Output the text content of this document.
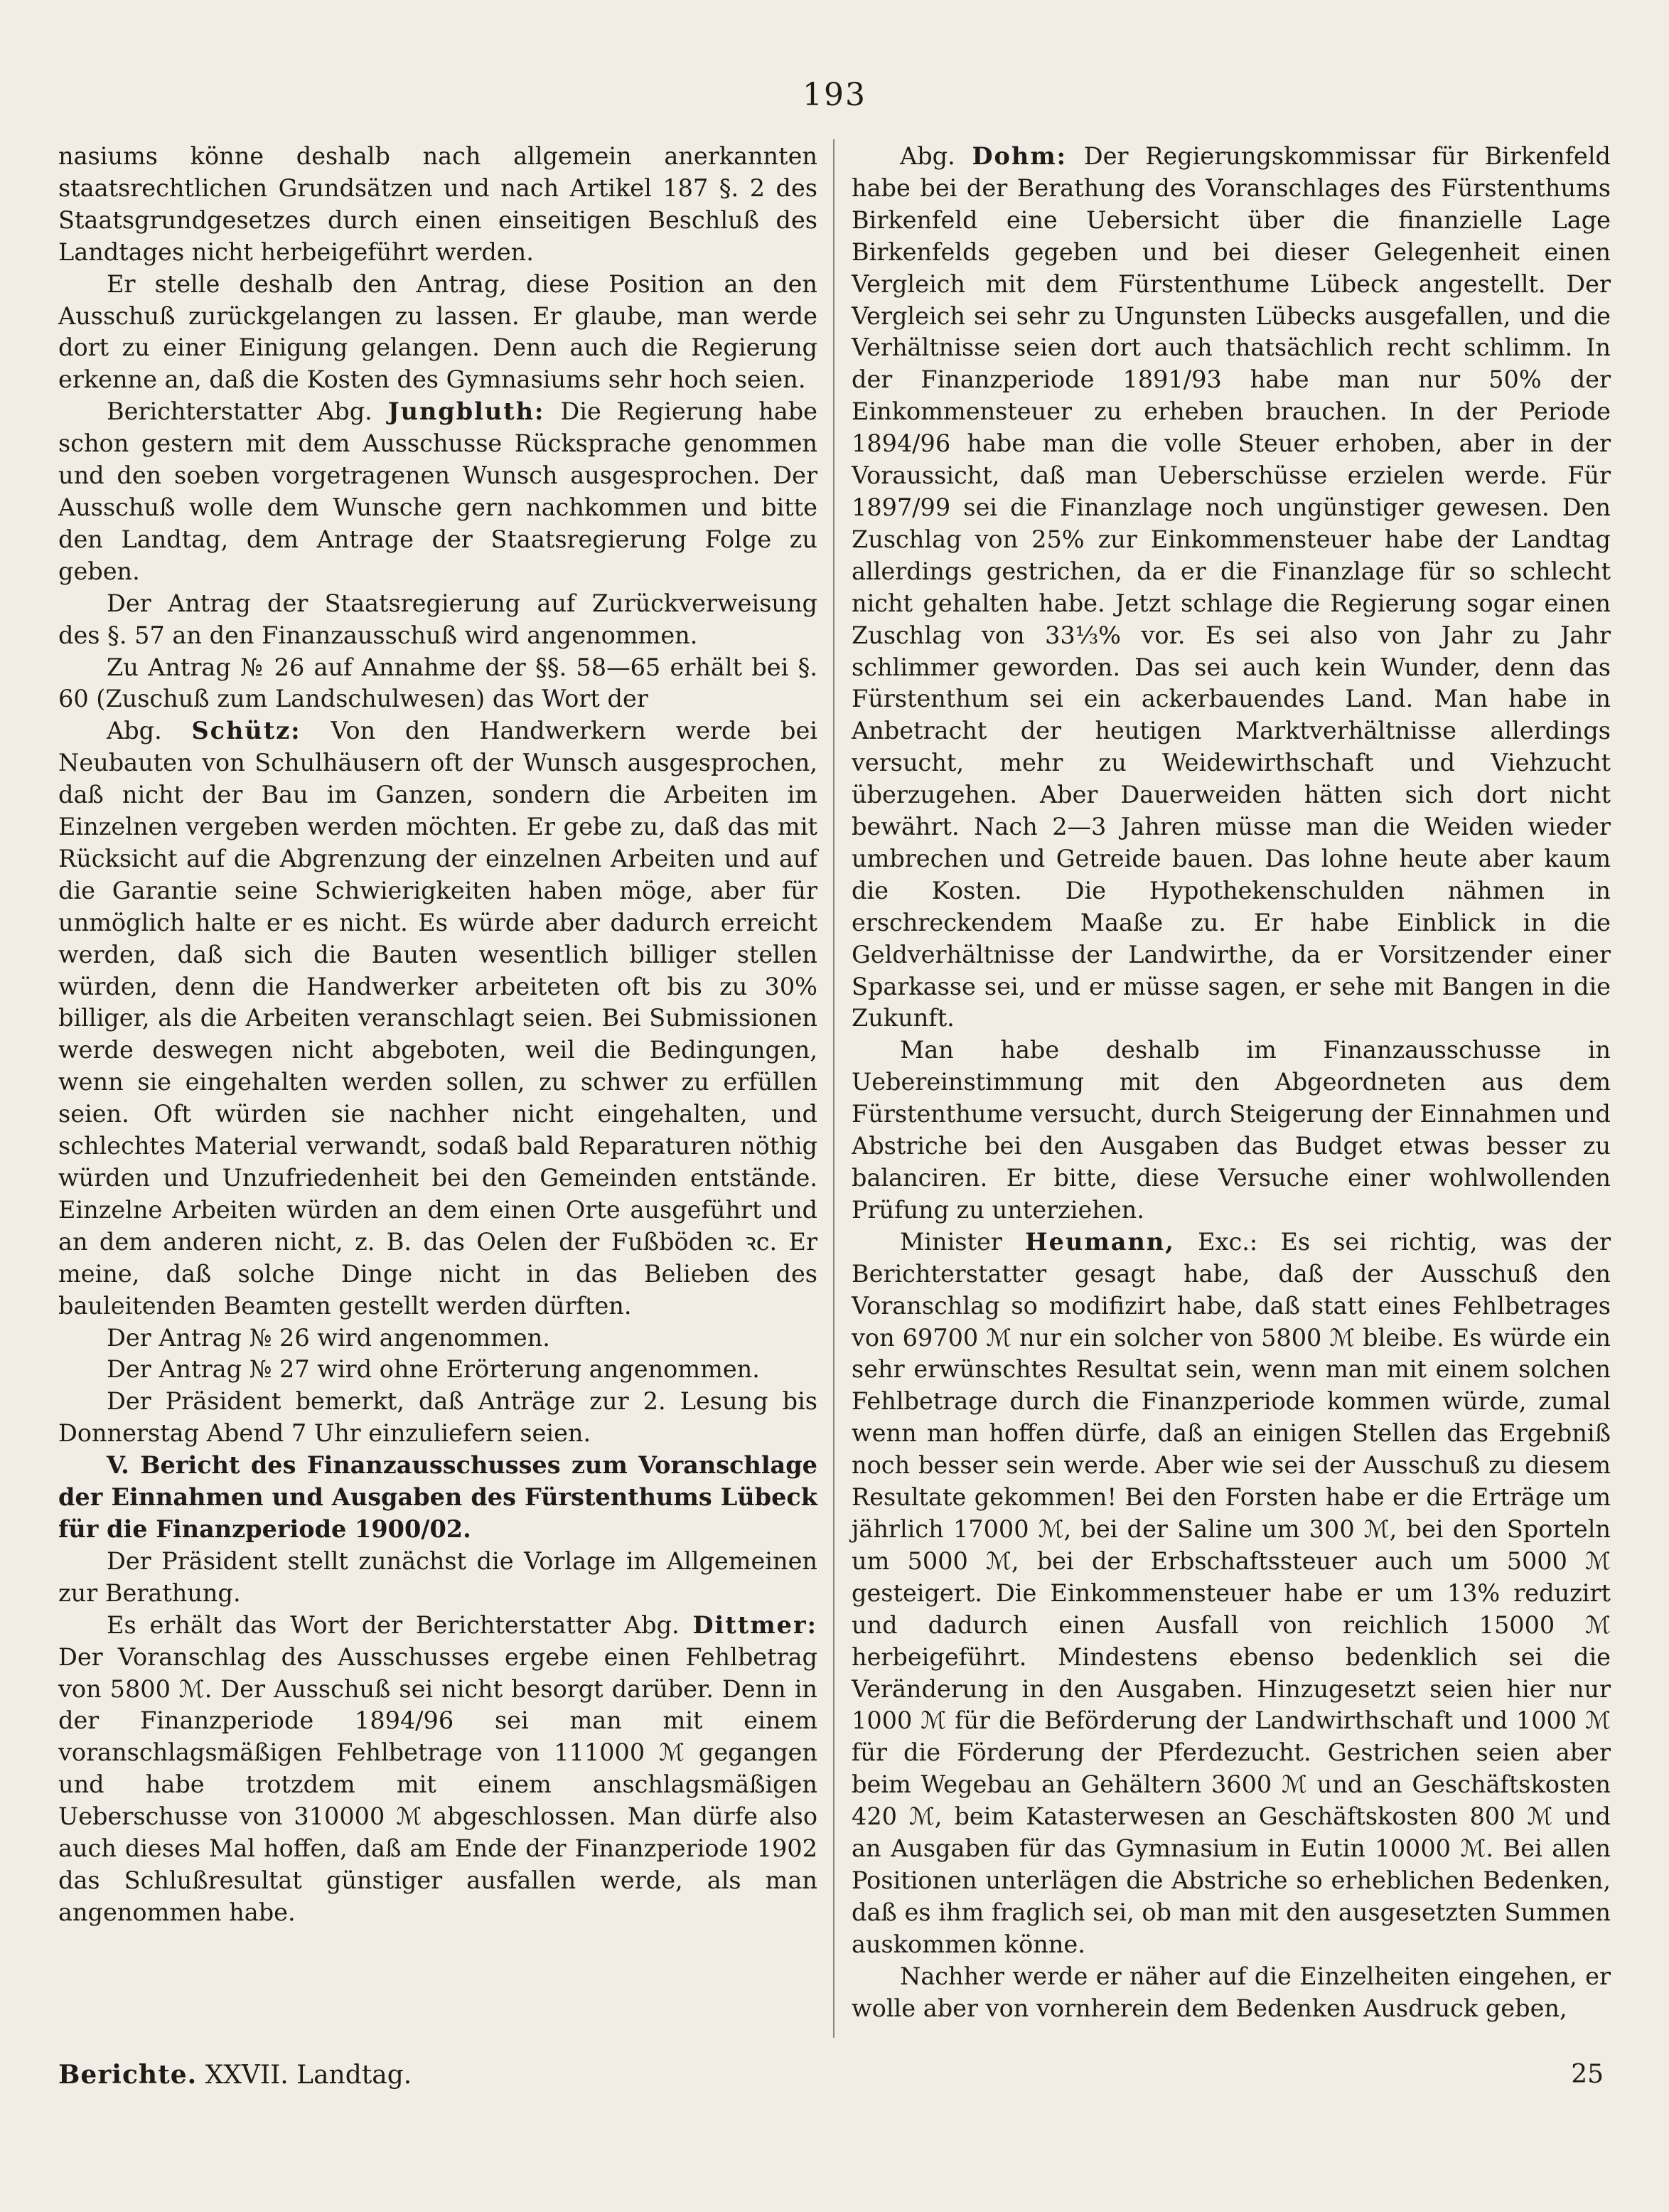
193

nasiums könne deshalb nach allgemein anerkannten staatsrechtlichen Grundsätzen und nach Artikel 187 §. 2 des Staatsgrundgesetzes durch einen einseitigen Beschluß des Landtages nicht herbeigeführt werden.

Er stelle deshalb den Antrag, diese Position an den Ausschuß zurückgelangen zu lassen. Er glaube, man werde dort zu einer Einigung gelangen. Denn auch die Regierung erkenne an, daß die Kosten des Gymnasiums sehr hoch seien.

Berichterstatter Abg. Jungbluth: Die Regierung habe schon gestern mit dem Ausschusse Rücksprache genommen und den soeben vorgetragenen Wunsch ausgesprochen. Der Ausschuß wolle dem Wunsche gern nachkommen und bitte den Landtag, dem Antrage der Staatsregierung Folge zu geben.

Der Antrag der Staatsregierung auf Zurückverweisung des §. 57 an den Finanzausschuß wird angenommen.

Zu Antrag № 26 auf Annahme der §§. 58—65 erhält bei §. 60 (Zuschuß zum Landschulwesen) das Wort der

Abg. Schütz: Von den Handwerkern werde bei Neubauten von Schulhäusern oft der Wunsch ausgesprochen, daß nicht der Bau im Ganzen, sondern die Arbeiten im Einzelnen vergeben werden möchten. Er gebe zu, daß das mit Rücksicht auf die Abgrenzung der einzelnen Arbeiten und auf die Garantie seine Schwierigkeiten haben möge, aber für unmöglich halte er es nicht. Es würde aber dadurch erreicht werden, daß sich die Bauten wesentlich billiger stellen würden, denn die Handwerker arbeiteten oft bis zu 30% billiger, als die Arbeiten veranschlagt seien. Bei Submissionen werde deswegen nicht abgeboten, weil die Bedingungen, wenn sie eingehalten werden sollen, zu schwer zu erfüllen seien. Oft würden sie nachher nicht eingehalten, und schlechtes Material verwandt, sodaß bald Reparaturen nöthig würden und Unzufriedenheit bei den Gemeinden entstände. Einzelne Arbeiten würden an dem einen Orte ausgeführt und an dem anderen nicht, z. B. das Oelen der Fußböden ꝛc. Er meine, daß solche Dinge nicht in das Belieben des bauleitenden Beamten gestellt werden dürften.

Der Antrag № 26 wird angenommen.

Der Antrag № 27 wird ohne Erörterung angenommen.

Der Präsident bemerkt, daß Anträge zur 2. Lesung bis Donnerstag Abend 7 Uhr einzuliefern seien.

V. Bericht des Finanzausschusses zum Voranschlage der Einnahmen und Ausgaben des Fürstenthums Lübeck für die Finanzperiode 1900/02.

Der Präsident stellt zunächst die Vorlage im Allgemeinen zur Berathung.

Es erhält das Wort der Berichterstatter Abg. Dittmer: Der Voranschlag des Ausschusses ergebe einen Fehlbetrag von 5800 ℳ. Der Ausschuß sei nicht besorgt darüber. Denn in der Finanzperiode 1894/96 sei man mit einem voranschlagsmäßigen Fehlbetrage von 111000 ℳ gegangen und habe trotzdem mit einem anschlagsmäßigen Ueberschusse von 310000 ℳ abgeschlossen. Man dürfe also auch dieses Mal hoffen, daß am Ende der Finanzperiode 1902 das Schlußresultat günstiger ausfallen werde, als man angenommen habe.

Abg. Dohm: Der Regierungskommissar für Birkenfeld habe bei der Berathung des Voranschlages des Fürstenthums Birkenfeld eine Uebersicht über die finanzielle Lage Birkenfelds gegeben und bei dieser Gelegenheit einen Vergleich mit dem Fürstenthume Lübeck angestellt. Der Vergleich sei sehr zu Ungunsten Lübecks ausgefallen, und die Verhältnisse seien dort auch thatsächlich recht schlimm. In der Finanzperiode 1891/93 habe man nur 50% der Einkommensteuer zu erheben brauchen. In der Periode 1894/96 habe man die volle Steuer erhoben, aber in der Voraussicht, daß man Ueberschüsse erzielen werde. Für 1897/99 sei die Finanzlage noch ungünstiger gewesen. Den Zuschlag von 25% zur Einkommensteuer habe der Landtag allerdings gestrichen, da er die Finanzlage für so schlecht nicht gehalten habe. Jetzt schlage die Regierung sogar einen Zuschlag von 33⅓% vor. Es sei also von Jahr zu Jahr schlimmer geworden. Das sei auch kein Wunder, denn das Fürstenthum sei ein ackerbauendes Land. Man habe in Anbetracht der heutigen Marktverhältnisse allerdings versucht, mehr zu Weidewirthschaft und Viehzucht überzugehen. Aber Dauerweiden hätten sich dort nicht bewährt. Nach 2—3 Jahren müsse man die Weiden wieder umbrechen und Getreide bauen. Das lohne heute aber kaum die Kosten. Die Hypothekenschulden nähmen in erschreckendem Maaße zu. Er habe Einblick in die Geldverhältnisse der Landwirthe, da er Vorsitzender einer Sparkasse sei, und er müsse sagen, er sehe mit Bangen in die Zukunft.

Man habe deshalb im Finanzausschusse in Uebereinstimmung mit den Abgeordneten aus dem Fürstenthume versucht, durch Steigerung der Einnahmen und Abstriche bei den Ausgaben das Budget etwas besser zu balanciren. Er bitte, diese Versuche einer wohlwollenden Prüfung zu unterziehen.

Minister Heumann, Exc.: Es sei richtig, was der Berichterstatter gesagt habe, daß der Ausschuß den Voranschlag so modifizirt habe, daß statt eines Fehlbetrages von 69700 ℳ nur ein solcher von 5800 ℳ bleibe. Es würde ein sehr erwünschtes Resultat sein, wenn man mit einem solchen Fehlbetrage durch die Finanzperiode kommen würde, zumal wenn man hoffen dürfe, daß an einigen Stellen das Ergebniß noch besser sein werde. Aber wie sei der Ausschuß zu diesem Resultate gekommen! Bei den Forsten habe er die Erträge um jährlich 17000 ℳ, bei der Saline um 300 ℳ, bei den Sporteln um 5000 ℳ, bei der Erbschaftssteuer auch um 5000 ℳ gesteigert. Die Einkommensteuer habe er um 13% reduzirt und dadurch einen Ausfall von reichlich 15000 ℳ herbeigeführt. Mindestens ebenso bedenklich sei die Veränderung in den Ausgaben. Hinzugesetzt seien hier nur 1000 ℳ für die Beförderung der Landwirthschaft und 1000 ℳ für die Förderung der Pferdezucht. Gestrichen seien aber beim Wegebau an Gehältern 3600 ℳ und an Geschäftskosten 420 ℳ, beim Katasterwesen an Geschäftskosten 800 ℳ und an Ausgaben für das Gymnasium in Eutin 10000 ℳ. Bei allen Positionen unterlägen die Abstriche so erheblichen Bedenken, daß es ihm fraglich sei, ob man mit den ausgesetzten Summen auskommen könne.

Nachher werde er näher auf die Einzelheiten eingehen, er wolle aber von vornherein dem Bedenken Ausdruck geben,

Berichte. XXVII. Landtag.	25
